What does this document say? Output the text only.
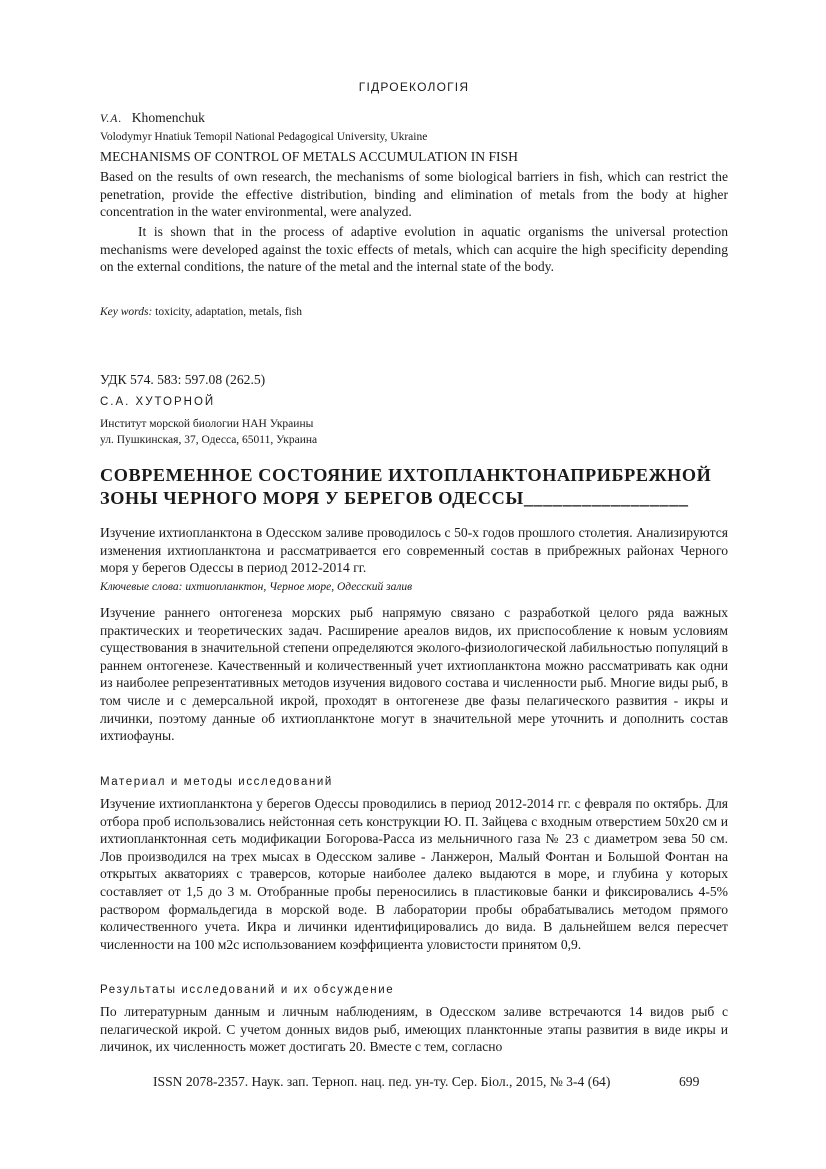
ГІДРОЕКОЛОГІЯ
V.A. Khomenchuk
Volodymyr Hnatiuk Temopil National Pedagogical University, Ukraine
MECHANISMS OF CONTROL OF METALS ACCUMULATION IN FISH

Based on the results of own research, the mechanisms of some biological barriers in fish, which can restrict the penetration, provide the effective distribution, binding and elimination of metals from the body at higher concentration in the water environmental, were analyzed.

It is shown that in the process of adaptive evolution in aquatic organisms the universal protection mechanisms were developed against the toxic effects of metals, which can acquire the high specificity depending on the external conditions, the nature of the metal and the internal state of the body.

Key words: toxicity, adaptation, metals, fish
УДК 574. 583: 597.08 (262.5)
С.А. ХУТОРНОЙ
Институт морской биологии НАН Украины
ул. Пушкинская, 37, Одесса, 65011, Украина
СОВРЕМЕННОЕ СОСТОЯНИЕ ИХТОПЛАНКТОНАПРИБРЕЖНОЙ
ЗОНЫ ЧЕРНОГО МОРЯ У БЕРЕГОВ ОДЕССЫ_________________

Изучение ихтиопланктона в Одесском заливе проводилось с 50-х годов прошлого столетия. Анализируются изменения ихтиопланктона и рассматривается его современный состав в прибрежных районах Черного моря у берегов Одессы в период 2012-2014 гг.

Ключевые слова: ихтиопланктон, Черное море, Одесский залив

Изучение раннего онтогенеза морских рыб напрямую связано с разработкой целого ряда важных практических и теоретических задач. Расширение ареалов видов, их приспособление к новым условиям существования в значительной степени определяются эколого-физиологической лабильностью популяций в раннем онтогенезе. Качественный и количественный учет ихтиопланктона можно рассматривать как одни из наиболее репрезентативных методов изучения видового состава и численности рыб. Многие виды рыб, в том числе и с демерсальной икрой, проходят в онтогенезе две фазы пелагического развития - икры и личинки, поэтому данные об ихтиопланктоне могут в значительной мере уточнить и дополнить состав ихтиофауны.

Материал и методы исследований

Изучение ихтиопланктона у берегов Одессы проводились в период 2012-2014 гг. с февраля по октябрь. Для отбора проб использовались нейстонная сеть конструкции Ю. П. Зайцева с входным отверстием 50х20 см и ихтиопланктонная сеть модификации Богорова-Расса из мельничного газа № 23 с диаметром зева 50 см. Лов производился на трех мысах в Одесском заливе - Ланжерон, Малый Фонтан и Большой Фонтан на открытых акваториях с траверсов, которые наиболее далеко выдаются в море, и глубина у которых составляет от 1,5 до 3 м. Отобранные пробы переносились в пластиковые банки и фиксировались 4-5% раствором формальдегида в морской воде. В лаборатории пробы обрабатывались методом прямого количественного учета. Икра и личинки идентифицировались до вида. В дальнейшем велся пересчет численности на 100 м2с использованием коэффициента уловистости принятом 0,9.

Результаты исследований и их обсуждение

По литературным данным и личным наблюдениям, в Одесском заливе встречаются 14 видов рыб с пелагической икрой. С учетом донных видов рыб, имеющих планктонные этапы развития в виде икры и личинок, их численность может достигать 20. Вместе с тем, согласно

ISSN 2078-2357. Наук. зап. Терноп. нац. пед. ун-ту. Сер. Біол., 2015, № 3-4 (64)	699
